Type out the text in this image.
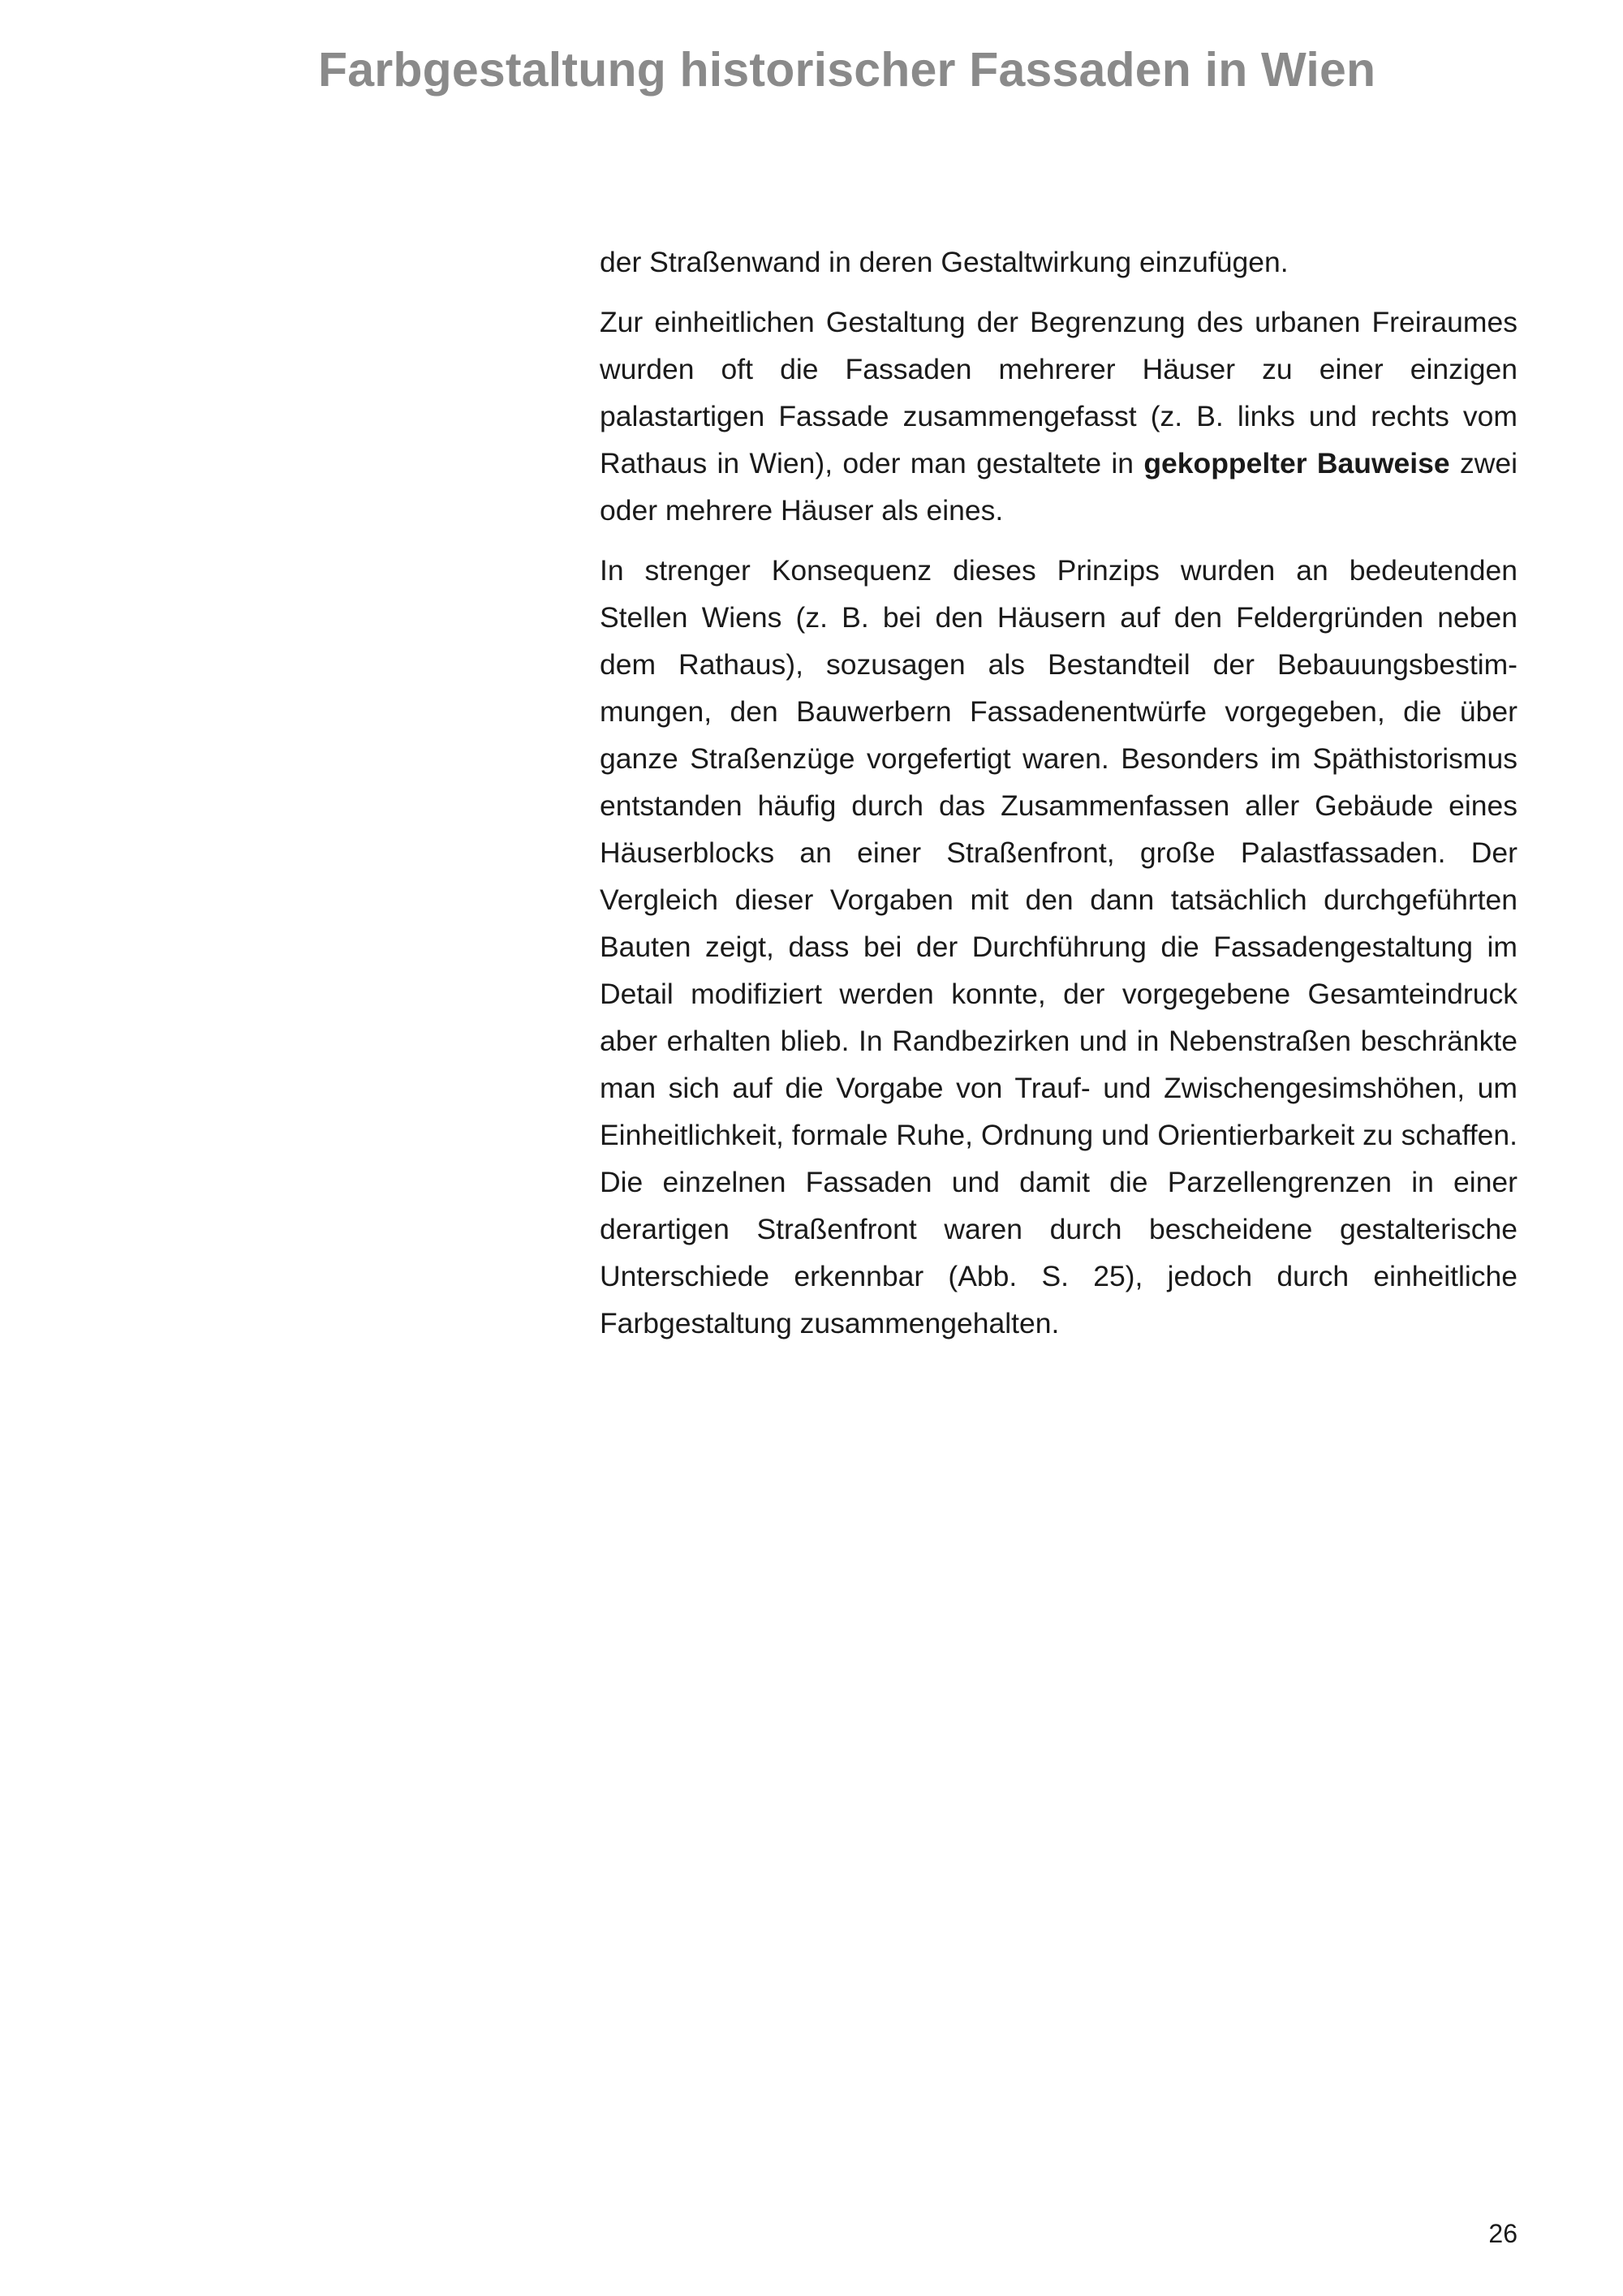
Farbgestaltung historischer Fassaden in Wien

der Straßenwand in deren Gestaltwirkung einzufügen.

Zur einheitlichen Gestaltung der Begrenzung des urbanen Freiraumes wurden oft die Fassaden mehrerer Häuser zu einer einzigen palastartigen Fassade zusammengefasst (z. B. links und rechts vom Rathaus in Wien), oder man gestaltete in gekoppelter Bauweise zwei oder mehrere Häuser als eines.

In strenger Konsequenz dieses Prinzips wurden an bedeutenden Stellen Wiens (z. B. bei den Häusern auf den Feldergründen neben dem Rathaus), sozusagen als Bestandteil der Bebauungsbestimmungen, den Bauwerbern Fassadenentwürfe vorgegeben, die über ganze Straßenzüge vorgefertigt waren. Besonders im Späthistorismus entstanden häufig durch das Zusammenfassen aller Gebäude eines Häuserblocks an einer Straßenfront, große Palastfassaden. Der Vergleich dieser Vorgaben mit den dann tatsächlich durchgeführten Bauten zeigt, dass bei der Durchführung die Fassadengestaltung im Detail modifiziert werden konnte, der vorgegebene Gesamteindruck aber erhalten blieb. In Randbezirken und in Nebenstraßen beschränkte man sich auf die Vorgabe von Trauf- und Zwischengesimshöhen, um Einheitlichkeit, formale Ruhe, Ordnung und Orientierbarkeit zu schaffen. Die einzelnen Fassaden und damit die Parzellengrenzen in einer derartigen Straßenfront waren durch bescheidene gestalterische Unterschiede erkennbar (Abb. S. 25), jedoch durch einheitliche Farbgestaltung zusammengehalten.

26
